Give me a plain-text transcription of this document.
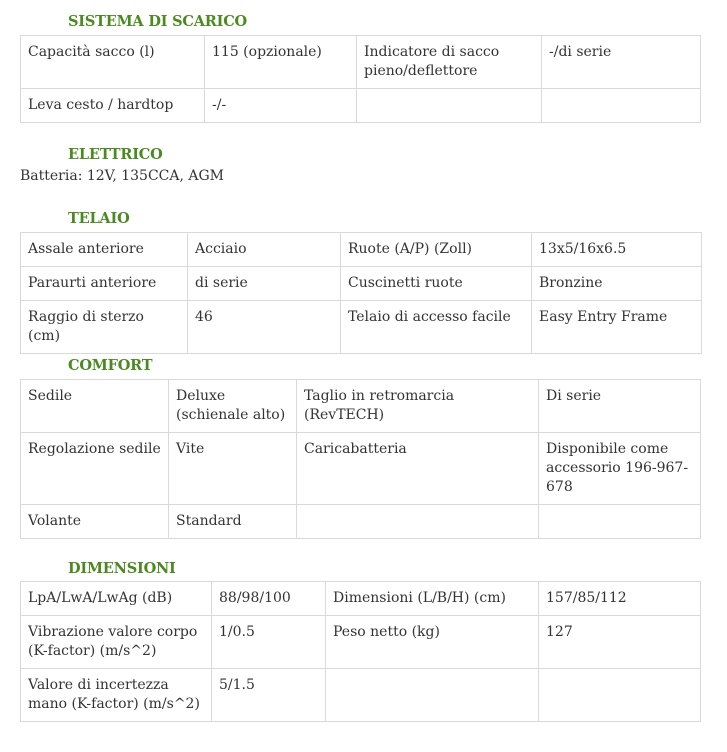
SISTEMA DI SCARICO
Capacità sacco (l)	115 (opzionale)	Indicatore di sacco pieno/deflettore	-/di serie
Leva cesto / hardtop	-/-		
ELETTRICO

Batteria: 12V, 135CCA, AGM

TELAIO
Assale anteriore	Acciaio	Ruote (A/P) (Zoll)	13x5/16x6.5
Paraurti anteriore	di serie	Cuscinetti ruote	Bronzine
Raggio di sterzo (cm)	46	Telaio di accesso facile	Easy Entry Frame
COMFORT
Sedile	Deluxe (schienale alto)	Taglio in retromarcia (RevTECH)	Di serie
Regolazione sedile	Vite	Caricabatteria	Disponibile come accessorio 196-967-678
Volante	Standard		
DIMENSIONI
LpA/LwA/LwAg (dB)	88/98/100	Dimensioni (L/B/H) (cm)	157/85/112
Vibrazione valore corpo (K-factor) (m/s^2)	1/0.5	Peso netto (kg)	127
Valore di incertezza mano (K-factor) (m/s^2)	5/1.5		
